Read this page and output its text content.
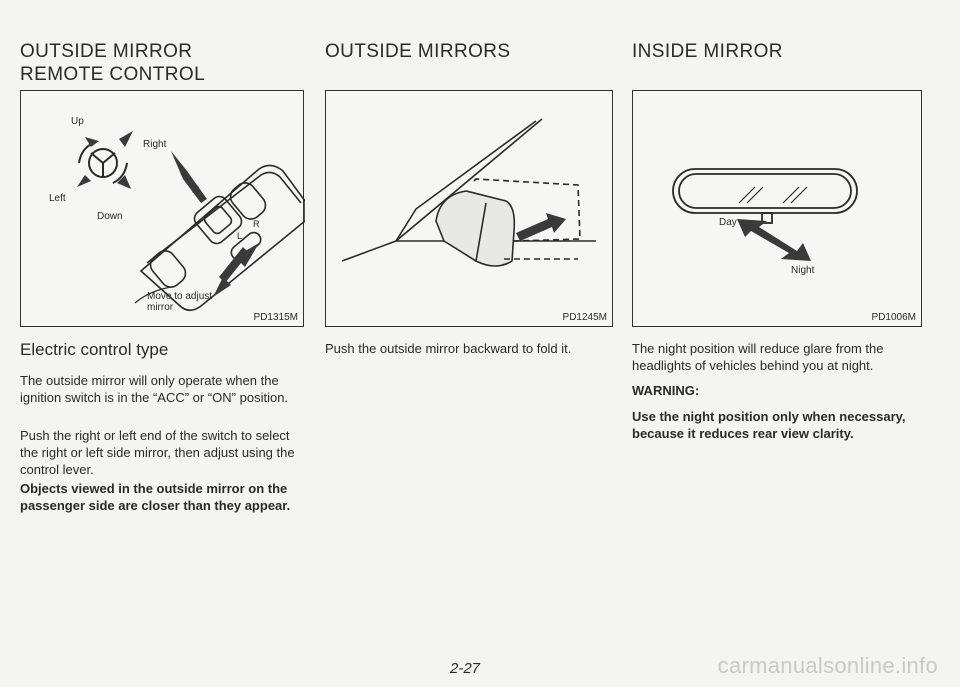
OUTSIDE MIRROR REMOTE CONTROL
Up
Right
Left
Down
L
R
Move to adjust mirror
PD1315M
Electric control type

The outside mirror will only operate when the ignition switch is in the “ACC” or “ON” position.

Push the right or left end of the switch to select the right or left side mirror, then adjust using the control lever.

Objects viewed in the outside mirror on the passenger side are closer than they appear.

OUTSIDE MIRRORS
PD1245M

Push the outside mirror backward to fold it.

INSIDE MIRROR
Day
Night
PD1006M

The night position will reduce glare from the headlights of vehicles behind you at night.

WARNING:

Use the night position only when necessary, because it reduces rear view clarity.

2-27	carmanualsonline.info
